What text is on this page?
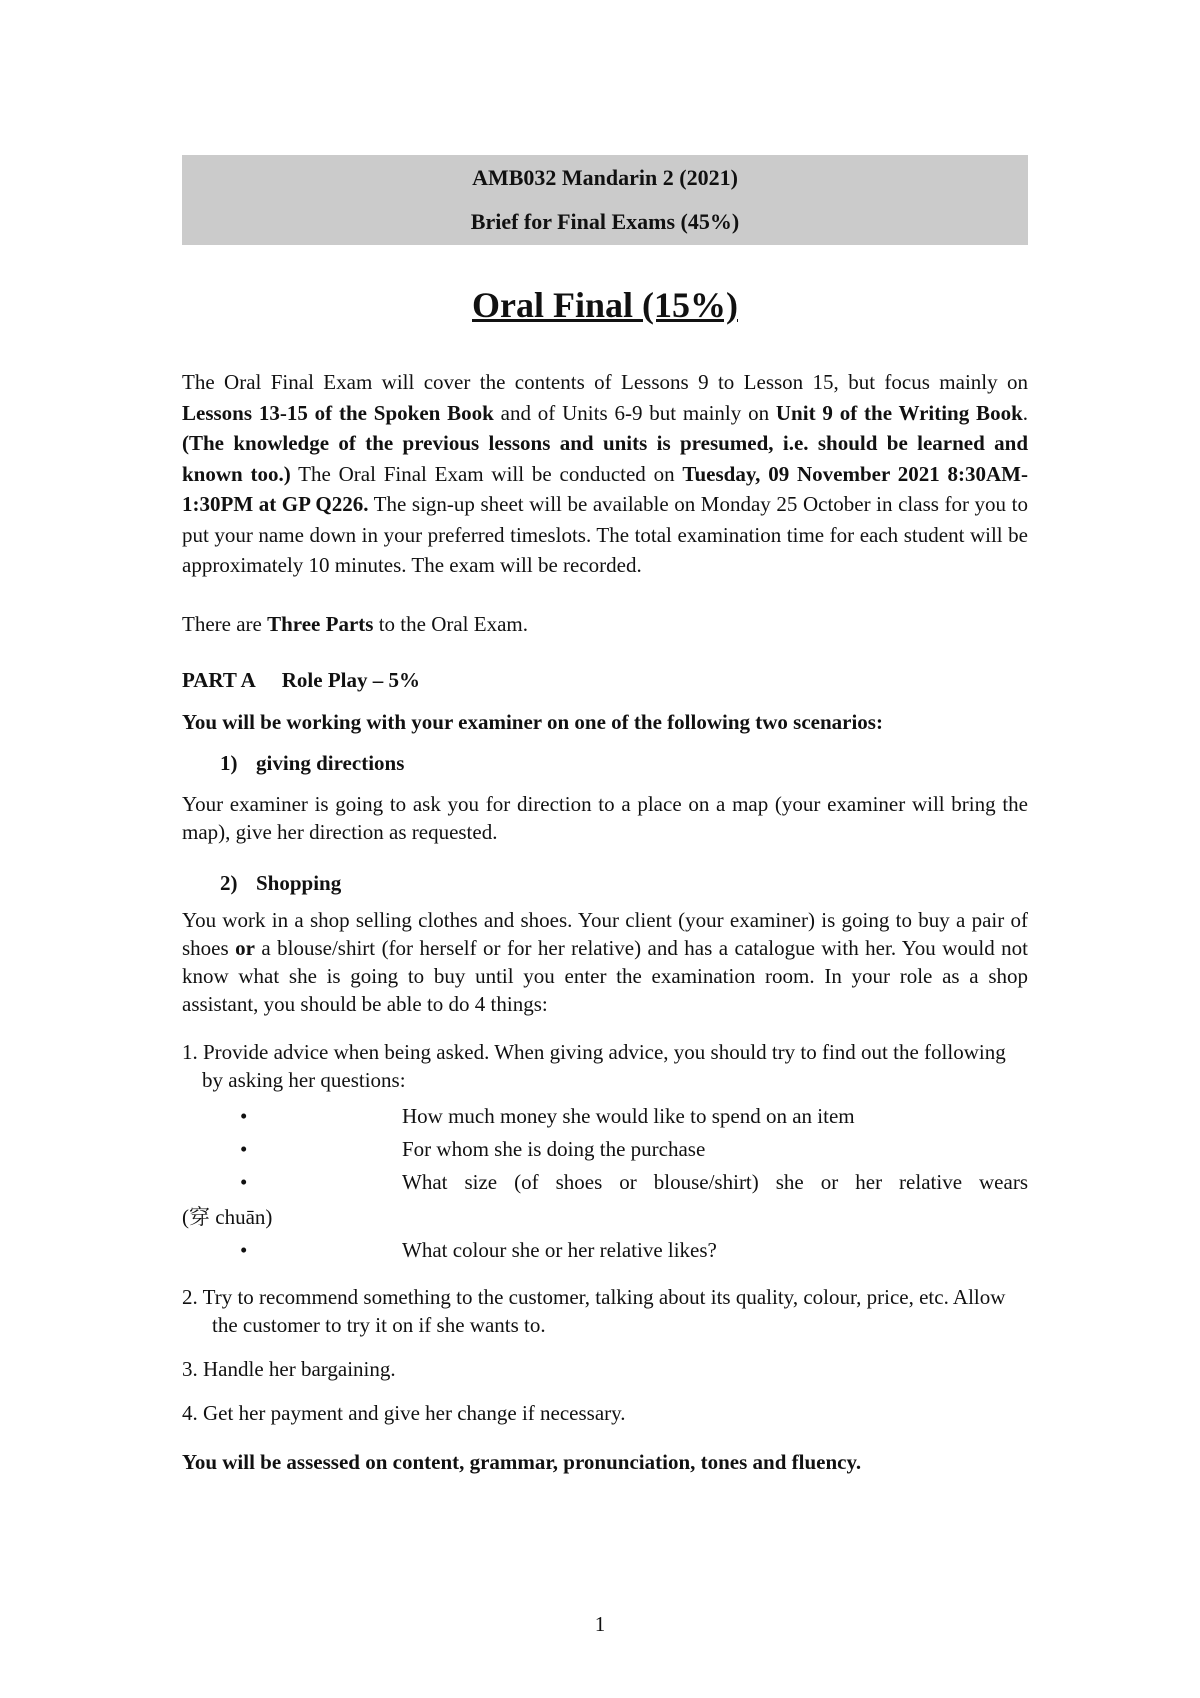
AMB032 Mandarin 2 (2021)
Brief for Final Exams (45%)
Oral Final (15%)

The Oral Final Exam will cover the contents of Lessons 9 to Lesson 15, but focus mainly on Lessons 13-15 of the Spoken Book and of Units 6-9 but mainly on Unit 9 of the Writing Book. (The knowledge of the previous lessons and units is presumed, i.e. should be learned and known too.) The Oral Final Exam will be conducted on Tuesday, 09 November 2021 8:30AM-1:30PM at GP Q226. The sign-up sheet will be available on Monday 25 October in class for you to put your name down in your preferred timeslots. The total examination time for each student will be approximately 10 minutes. The exam will be recorded.

There are Three Parts to the Oral Exam.

PART A Role Play – 5%

You will be working with your examiner on one of the following two scenarios:

1) giving directions

Your examiner is going to ask you for direction to a place on a map (your examiner will bring the map), give her direction as requested.

2) Shopping

You work in a shop selling clothes and shoes. Your client (your examiner) is going to buy a pair of shoes or a blouse/shirt (for herself or for her relative) and has a catalogue with her. You would not know what she is going to buy until you enter the examination room. In your role as a shop assistant, you should be able to do 4 things:

1. Provide advice when being asked. When giving advice, you should try to find out the following by asking her questions:

•	How much money she would like to spend on an item
•	For whom she is doing the purchase
•	What size (of shoes or blouse/shirt) she or her relative wears
(穿 chuān)
•	What colour she or her relative likes?

2. Try to recommend something to the customer, talking about its quality, colour, price, etc. Allow the customer to try it on if she wants to.

3. Handle her bargaining.

4. Get her payment and give her change if necessary.

You will be assessed on content, grammar, pronunciation, tones and fluency.

1
